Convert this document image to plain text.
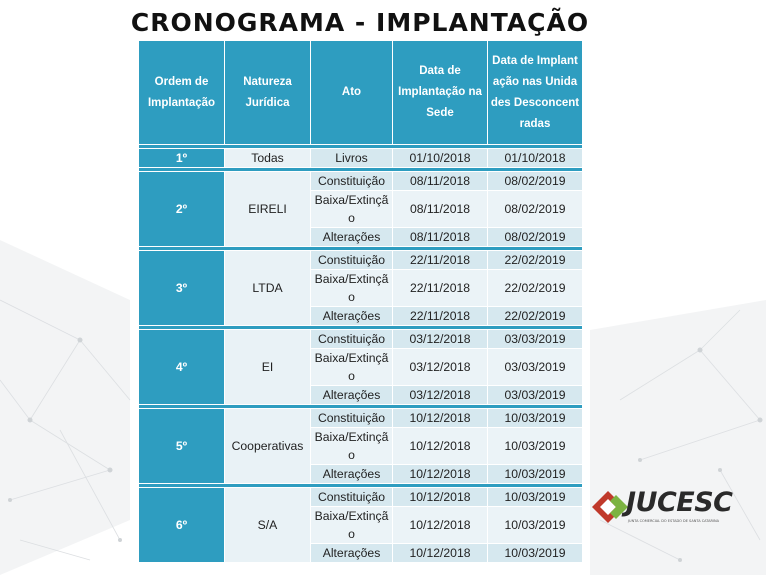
CRONOGRAMA - IMPLANTAÇÃO
Ordem de Implantação	Natureza Jurídica	Ato	Data de Implantação na Sede	Data de Implantação nas Unidades Desconcentradas

1º	Todas	Livros	01/10/2018	01/10/2018

2º	EIRELI	Constituição	08/11/2018	08/02/2019
		Baixa/Extinção	08/11/2018	08/02/2019
		Alterações	08/11/2018	08/02/2019

3º	LTDA	Constituição	22/11/2018	22/02/2019
		Baixa/Extinção	22/11/2018	22/02/2019
		Alterações	22/11/2018	22/02/2019

4º	EI	Constituição	03/12/2018	03/03/2019
		Baixa/Extinção	03/12/2018	03/03/2019
		Alterações	03/12/2018	03/03/2019

5º	Cooperativas	Constituição	10/12/2018	10/03/2019
		Baixa/Extinção	10/12/2018	10/03/2019
		Alterações	10/12/2018	10/03/2019

6º	S/A	Constituição	10/12/2018	10/03/2019
		Baixa/Extinção	10/12/2018	10/03/2019
		Alterações	10/12/2018	10/03/2019
JUCESC
JUNTA COMERCIAL DO ESTADO DE SANTA CATARINA
